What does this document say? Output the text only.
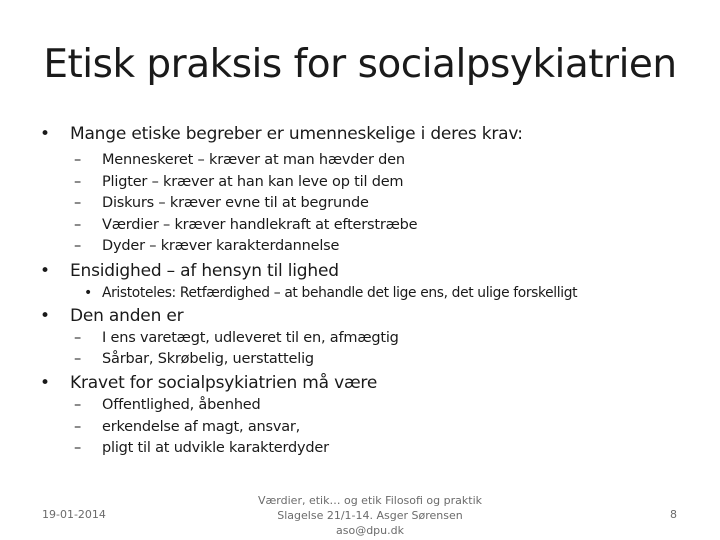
Etisk praksis for socialpsykiatrien
• Mange etiske begreber er umenneskelige i deres krav:
– Menneskeret – kræver at man hævder den
– Pligter – kræver at han kan leve op til dem
– Diskurs – kræver evne til at begrunde
– Værdier – kræver handlekraft at efterstræbe
– Dyder – kræver karakterdannelse
• Ensidighed – af hensyn til lighed
• Aristoteles: Retfærdighed – at behandle det lige ens, det ulige forskelligt
• Den anden er
– I ens varetægt, udleveret til en, afmægtig
– Sårbar, Skrøbelig, uerstattelig
• Kravet for socialpsykiatrien må være
– Offentlighed, åbenhed
– erkendelse af magt, ansvar,
– pligt til at udvikle karakterdyder
19-01-2014
Værdier, etik… og etik Filosofi og praktik
Slagelse 21/1-14. Asger Sørensen
aso@dpu.dk
8
